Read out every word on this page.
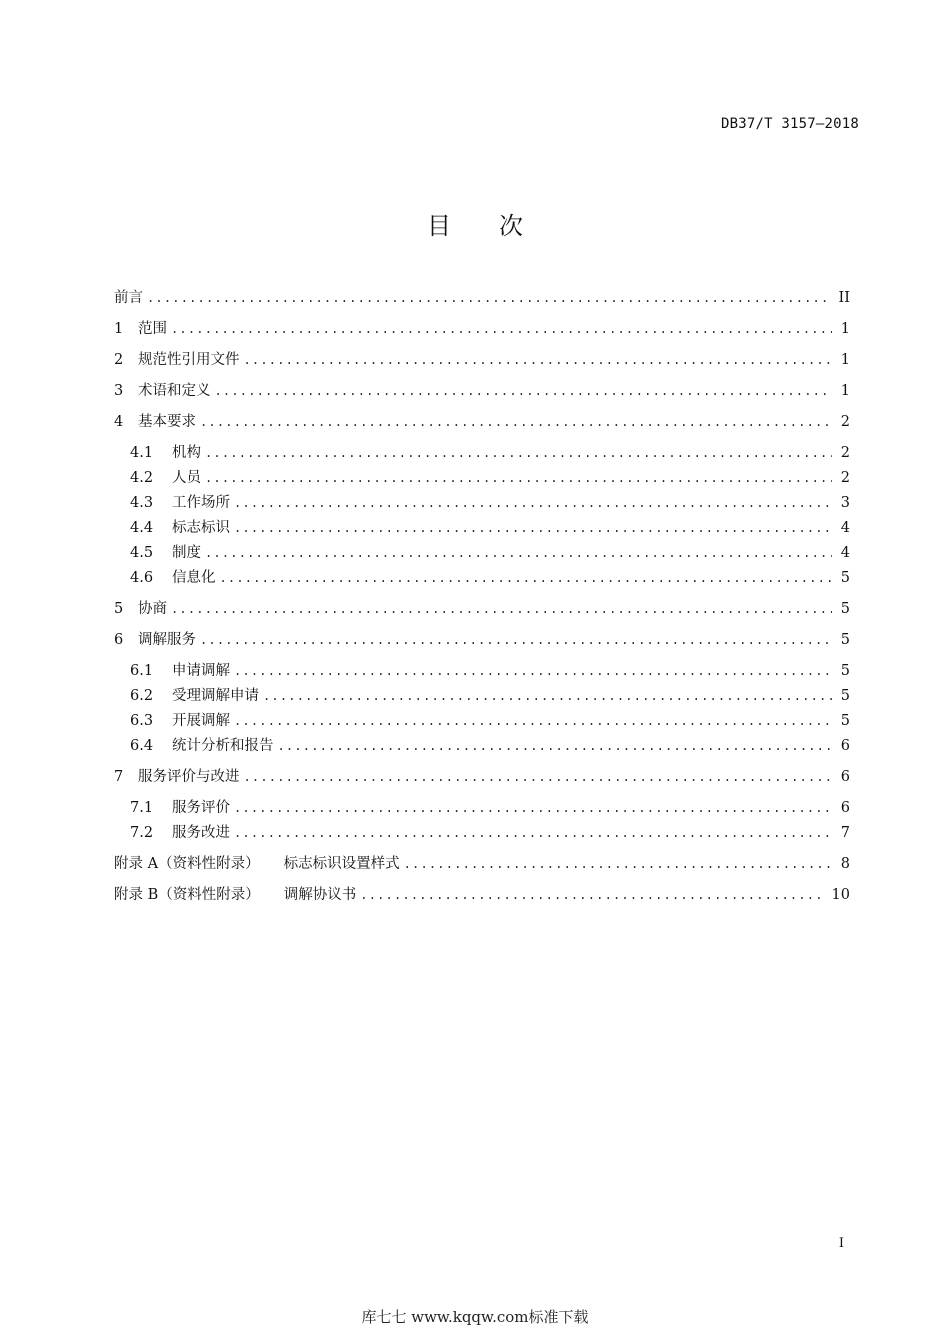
DB37/T 3157—2018
目次
前言 .....	II
1	范围 .....	1
2	规范性引用文件 .....	1
3	术语和定义 .....	1
4	基本要求 .....	2
4.1	机构 .....	2
4.2	人员 .....	2
4.3	工作场所 .....	3
4.4	标志标识 .....	4
4.5	制度 .....	4
4.6	信息化 .....	5
5	协商 .....	5
6	调解服务 .....	5
6.1	申请调解 .....	5
6.2	受理调解申请 .....	5
6.3	开展调解 .....	5
6.4	统计分析和报告 .....	6
7	服务评价与改进 .....	6
7.1	服务评价 .....	6
7.2	服务改进 .....	7
附录 A（资料性附录） 标志标识设置样式 .....	8
附录 B（资料性附录） 调解协议书 .....	10
I
库七七 www.kqqw.com标准下载
